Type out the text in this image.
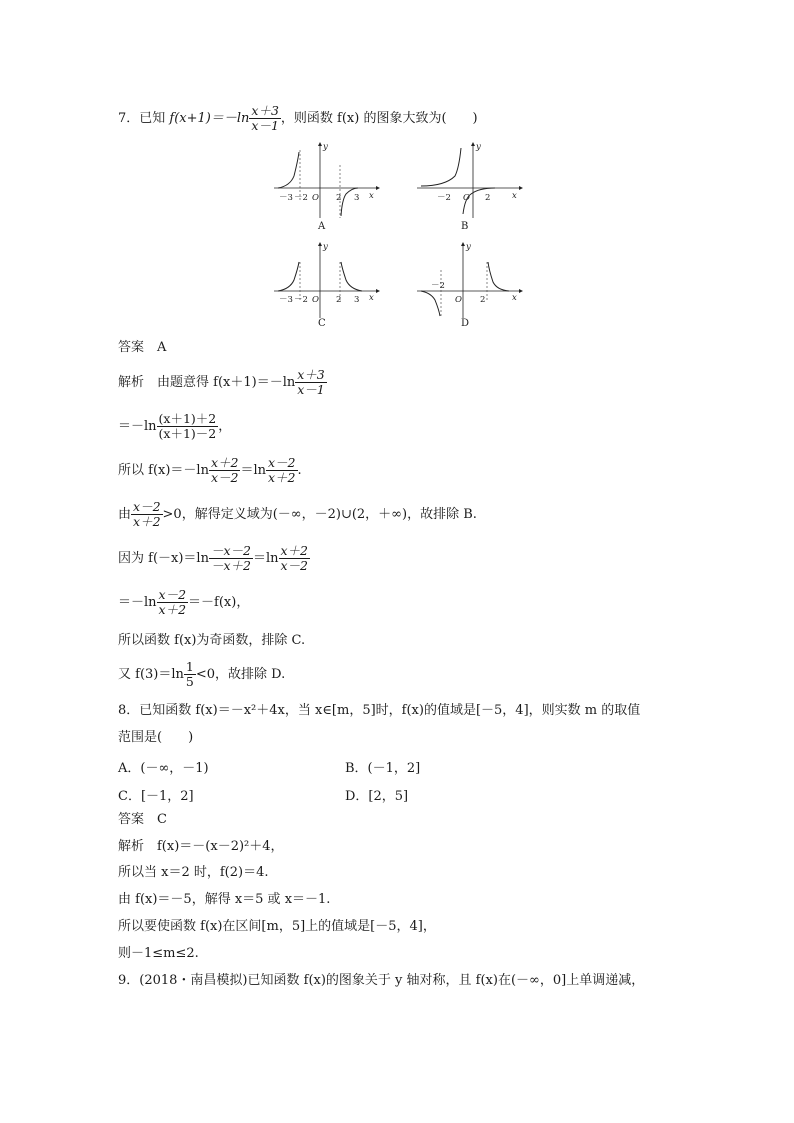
7．已知 $f(x+1)=-\ln \frac{x+3}{x-1}$ ，则函数 f(x) 的图象大致为(　　)
－3 －2 O 2 3 x
y
A
－2 O 2	x
y
B
－3 －2 O 2 3 x
y
C
－2
O 2	x
y
D
答案　A
解析　由题意得 $f(x+1)=-\ln \frac{x+3}{x-1}$
$=-\ln \frac{(x+1)+2}{(x+1)-2}$ ，
所以 $f(x)=-\ln \frac{x+2}{x-2} =\ln \frac{x-2}{x+2}$ .
由 $\frac{x-2}{x+2} >0$，解得定义域为(－∞，－2)∪(2，＋∞)，故排除 B.
因为 $f(-x)=\ln \frac{-x-2}{-x+2} =\ln \frac{x+2}{x-2}$
$=-\ln \frac{x-2}{x+2} =-f(x)$，
所以函数 f(x)为奇函数，排除 C.
又 $f(3)=\ln \frac{1}{5} <0$，故排除 D.
8．已知函数 f(x)＝－x²＋4x，当 x∈[m，5]时，f(x)的值域是[－5，4]，则实数 m 的取值
范围是(　　)
A．(－∞，－1)	B．(－1，2]
C．[－1，2]	D．[2，5]
答案　C
解析　f(x)＝－(x－2)²＋4，
所以当 x＝2 时，f(2)＝4.
由 f(x)＝－5，解得 x＝5 或 x＝－1.
所以要使函数 f(x)在区间[m，5]上的值域是[－5，4]，
则－1≤m≤2.
9．(2018・南昌模拟)已知函数 f(x)的图象关于 y 轴对称，且 f(x)在(－∞，0]上单调递减，
